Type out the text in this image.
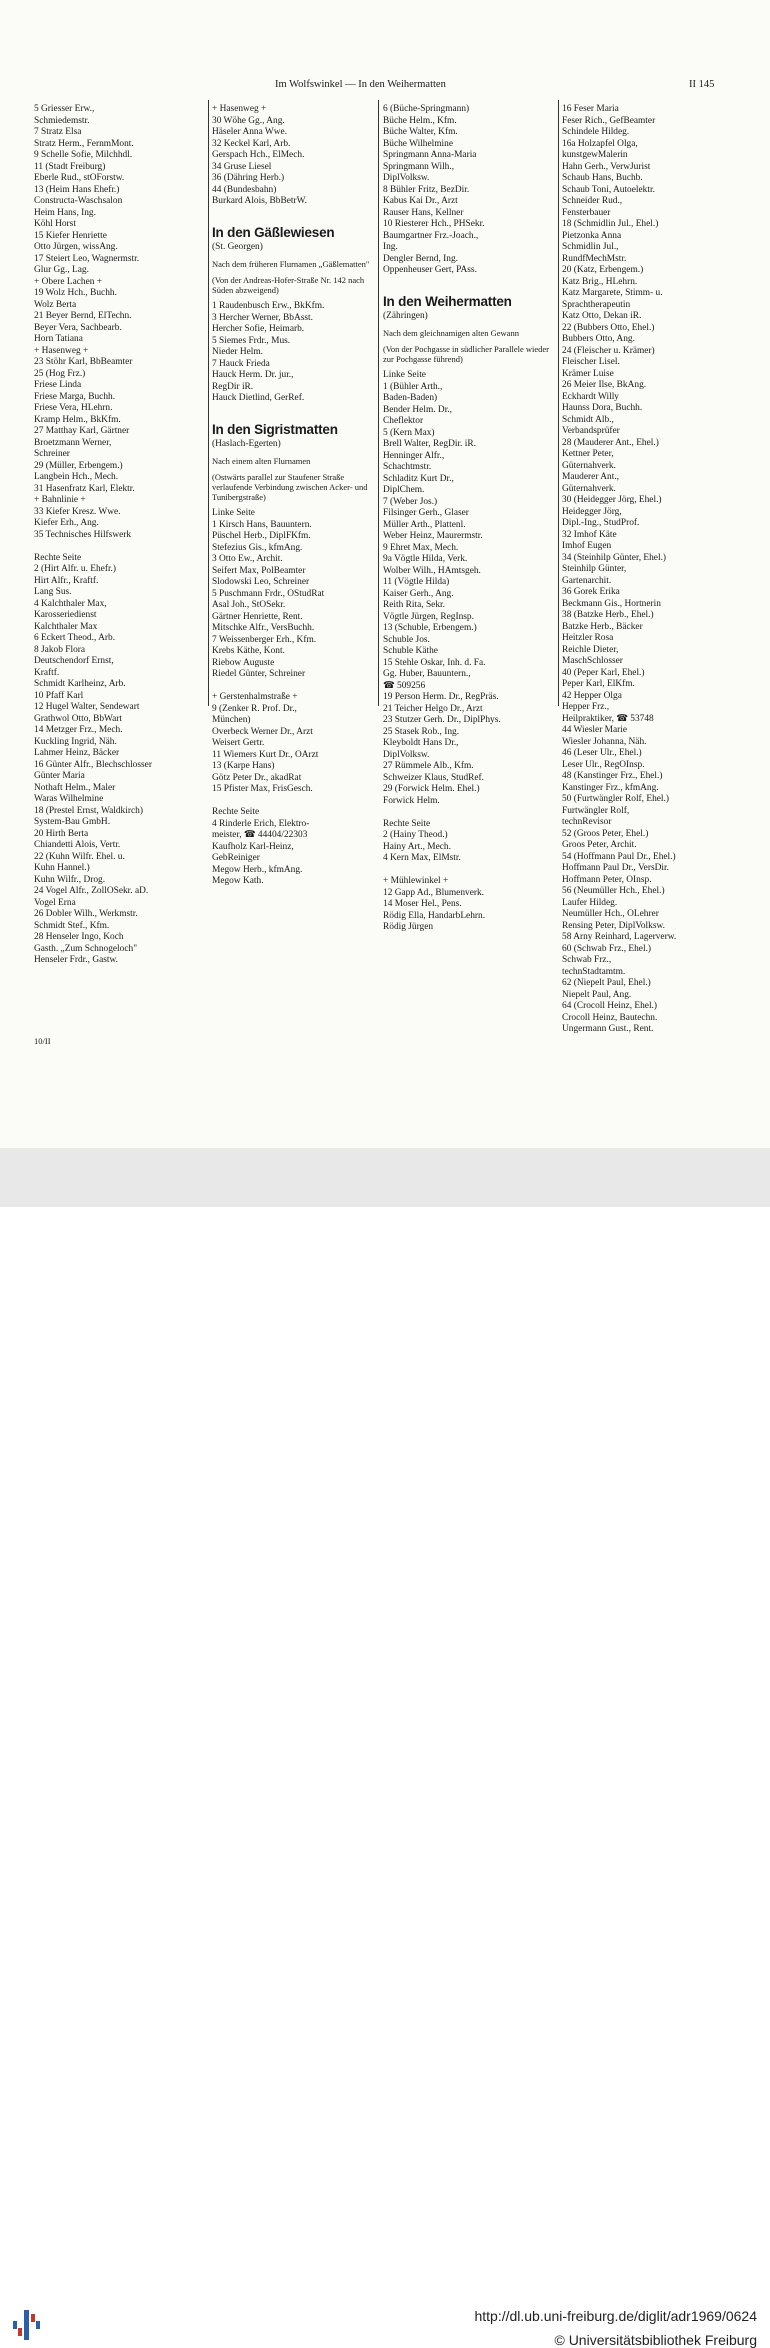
Im Wolfswinkel — In den Weihermatten	II 145
5 Griesser Erw.,
Schmiedemstr.
7 Stratz Elsa
Stratz Herm., FernmMont.
9 Schelle Sofie, Milchhdl.
11 (Stadt Freiburg)
Eberle Rud., stOForstw.
13 (Heim Hans Ehefr.)
Constructa-Waschsalon
Heim Hans, Ing.
Köhl Horst
15 Kiefer Henriette
Otto Jürgen, wissAng.
17 Steiert Leo, Wagnermstr.
Glur Gg., Lag.
+ Obere Lachen +
19 Wolz Hch., Buchh.
Wolz Berta
21 Beyer Bernd, ElTechn.
Beyer Vera, Sachbearb.
Horn Tatiana
+ Hasenweg +
23 Stöhr Karl, BbBeamter
25 (Hog Frz.)
Friese Linda
Friese Marga, Buchh.
Friese Vera, HLehrn.
Kramp Helm., BkKfm.
27 Matthay Karl, Gärtner
Broetzmann Werner,
Schreiner
29 (Müller, Erbengem.)
Langbein Hch., Mech.
31 Hasenfratz Karl, Elektr.
+ Bahnlinie +
33 Kiefer Kresz. Wwe.
Kiefer Erh., Ang.
35 Technisches Hilfswerk
Rechte Seite
2 (Hirt Alfr. u. Ehefr.)
Hirt Alfr., Kraftf.
Lang Sus.
4 Kalchthaler Max,
Karosseriedienst
Kalchthaler Max
6 Eckert Theod., Arb.
8 Jakob Flora
Deutschendorf Ernst,
Kraftf.
Schmidt Karlheinz, Arb.
10 Pfaff Karl
12 Hugel Walter, Sendewart
Grathwol Otto, BbWart
14 Metzger Frz., Mech.
Kuckling Ingrid, Näh.
Lahmer Heinz, Bäcker
16 Günter Alfr., Blechschlosser
Günter Maria
Nothaft Helm., Maler
Waras Wilhelmine
18 (Prestel Ernst, Waldkirch)
System-Bau GmbH.
20 Hirth Berta
Chiandetti Alois, Vertr.
22 (Kuhn Wilfr. Ehel. u.
Kuhn Hannel.)
Kuhn Wilfr., Drog.
24 Vogel Alfr., ZollOSekr. aD.
Vogel Erna
26 Dobler Wilh., Werkmstr.
Schmidt Stef., Kfm.
28 Henseler Ingo, Koch
Gasth. „Zum Schnogeloch"
Henseler Frdr., Gastw.
+ Hasenweg +
30 Wöhe Gg., Ang.
Häseler Anna Wwe.
32 Keckel Karl, Arb.
Gerspach Hch., ElMech.
34 Gruse Liesel
36 (Dähring Herb.)
44 (Bundesbahn)
Burkard Alois, BbBetrW.
In den Gäßlewiesen
(St. Georgen)
Nach dem früheren Flurnamen „Gäßlematten"
(Von der Andreas-Hofer-Straße Nr. 142 nach Süden abzweigend)
1 Raudenbusch Erw., BkKfm.
3 Hercher Werner, BbAsst.
Hercher Sofie, Heimarb.
5 Siemes Frdr., Mus.
Nieder Helm.
7 Hauck Frieda
Hauck Herm. Dr. jur.,
RegDir iR.
Hauck Dietlind, GerRef.
In den Sigristmatten
(Haslach-Egerten)
Nach einem alten Flurnamen
(Ostwärts parallel zur Staufener Straße verlaufende Verbindung zwischen Acker- und Tunibergstraße)
Linke Seite
1 Kirsch Hans, Bauuntern.
Püschel Herb., DiplFKfm.
Stefezius Gis., kfmAng.
3 Otto Ew., Archit.
Seifert Max, PolBeamter
Slodowski Leo, Schreiner
5 Puschmann Frdr., OStudRat
Asal Joh., StOSekr.
Gärtner Henriette, Rent.
Mitschke Alfr., VersBuchh.
7 Weissenberger Erh., Kfm.
Krebs Käthe, Kont.
Riebow Auguste
Riedel Günter, Schreiner
+ Gerstenhalmstraße +
9 (Zenker R. Prof. Dr.,
München)
Overbeck Werner Dr., Arzt
Weisert Gertr.
11 Wiemers Kurt Dr., OArzt
13 (Karpe Hans)
Götz Peter Dr., akadRat
15 Pfister Max, FrisGesch.
Rechte Seite
4 Rinderle Erich, Elektro-
meister, ☎ 44404/22303
Kaufholz Karl-Heinz,
GebReiniger
Megow Herb., kfmAng.
Megow Kath.
6 (Büche-Springmann)
Büche Helm., Kfm.
Büche Walter, Kfm.
Büche Wilhelmine
Springmann Anna-Maria
Springmann Wilh.,
DiplVolksw.
8 Bühler Fritz, BezDir.
Kabus Kai Dr., Arzt
Rauser Hans, Kellner
10 Riesterer Hch., PHSekr.
Baumgartner Frz.-Joach.,
Ing.
Dengler Bernd, Ing.
Oppenheuser Gert, PAss.
In den Weihermatten
(Zähringen)
Nach dem gleichnamigen alten Gewann
(Von der Pochgasse in südlicher Parallele wieder zur Pochgasse führend)
Linke Seite
1 (Bühler Arth.,
Baden-Baden)
Bender Helm. Dr.,
Cheflektor
5 (Kern Max)
Brell Walter, RegDir. iR.
Henninger Alfr.,
Schachtmstr.
Schladitz Kurt Dr.,
DiplChem.
7 (Weber Jos.)
Filsinger Gerh., Glaser
Müller Arth., Plattenl.
Weber Heinz, Maurermstr.
9 Ehret Max, Mech.
9a Vögtle Hilda, Verk.
Wolber Wilh., HAmtsgeh.
11 (Vögtle Hilda)
Kaiser Gerh., Ang.
Reith Rita, Sekr.
Vögtle Jürgen, RegInsp.
13 (Schuble, Erbengem.)
Schuble Jos.
Schuble Käthe
15 Stehle Oskar, Inh. d. Fa.
Gg. Huber, Bauuntern.,
☎ 509256
19 Person Herm. Dr., RegPräs.
21 Teicher Helgo Dr., Arzt
23 Stutzer Gerh. Dr., DiplPhys.
25 Stasek Rob., Ing.
Kleyboldt Hans Dr.,
DiplVolksw.
27 Rümmele Alb., Kfm.
Schweizer Klaus, StudRef.
29 (Forwick Helm. Ehel.)
Forwick Helm.
Rechte Seite
2 (Hainy Theod.)
Hainy Art., Mech.
4 Kern Max, ElMstr.
+ Mühlewinkel +
12 Gapp Ad., Blumenverk.
14 Moser Hel., Pens.
Rödig Ella, HandarbLehrn.
Rödig Jürgen
16 Feser Maria
Feser Rich., GefBeamter
Schindele Hildeg.
16a Holzapfel Olga,
kunstgewMalerin
Hahn Gerh., VerwJurist
Schaub Hans, Buchb.
Schaub Toni, Autoelektr.
Schneider Rud.,
Fensterbauer
18 (Schmidlin Jul., Ehel.)
Pietzonka Anna
Schmidlin Jul.,
RundfMechMstr.
20 (Katz, Erbengem.)
Katz Brig., HLehrn.
Katz Margarete, Stimm- u.
Sprachtherapeutin
Katz Otto, Dekan iR.
22 (Bubbers Otto, Ehel.)
Bubbers Otto, Ang.
24 (Fleischer u. Krämer)
Fleischer Lisel.
Krämer Luise
26 Meier Ilse, BkAng.
Eckhardt Willy
Haunss Dora, Buchh.
Schmidt Alb.,
Verbandsprüfer
28 (Mauderer Ant., Ehel.)
Kettner Peter,
Güternahverk.
Mauderer Ant.,
Güternahverk.
30 (Heidegger Jörg, Ehel.)
Heidegger Jörg,
Dipl.-Ing., StudProf.
32 Imhof Käte
Imhof Eugen
34 (Steinhilp Günter, Ehel.)
Steinhilp Günter,
Gartenarchit.
36 Gorek Erika
Beckmann Gis., Hortnerin
38 (Batzke Herb., Ehel.)
Batzke Herb., Bäcker
Heitzler Rosa
Reichle Dieter,
MaschSchlosser
40 (Peper Karl, Ehel.)
Peper Karl, ElKfm.
42 Hepper Olga
Hepper Frz.,
Heilpraktiker, ☎ 53748
44 Wiesler Marie
Wiesler Johanna, Näh.
46 (Leser Ulr., Ehel.)
Leser Ulr., RegOInsp.
48 (Kanstinger Frz., Ehel.)
Kanstinger Frz., kfmAng.
50 (Furtwängler Rolf, Ehel.)
Furtwängler Rolf,
technRevisor
52 (Groos Peter, Ehel.)
Groos Peter, Archit.
54 (Hoffmann Paul Dr., Ehel.)
Hoffmann Paul Dr., VersDir.
Hoffmann Peter, OInsp.
56 (Neumüller Hch., Ehel.)
Laufer Hildeg.
Neumüller Hch., OLehrer
Rensing Peter, DiplVolksw.
58 Arny Reinhard, Lagerverw.
60 (Schwab Frz., Ehel.)
Schwab Frz.,
technStadtamtm.
62 (Niepelt Paul, Ehel.)
Niepelt Paul, Ang.
64 (Crocoll Heinz, Ehel.)
Crocoll Heinz, Bautechn.
Ungermann Gust., Rent.
10/II
http://dl.ub.uni-freiburg.de/diglit/adr1969/0624
© Universitätsbibliothek Freiburg
